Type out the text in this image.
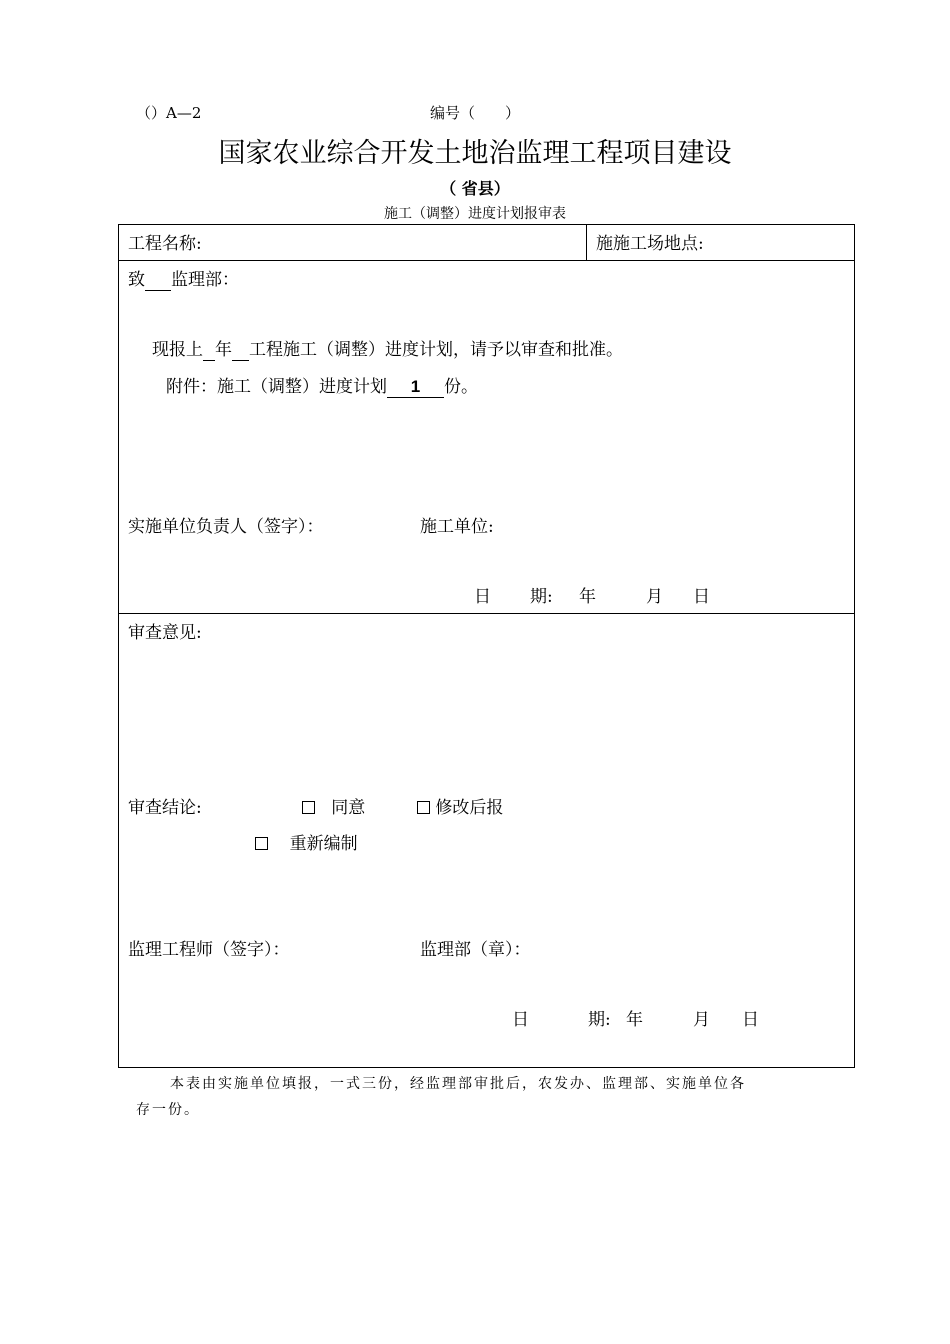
（）A—2	编号（　　）
国家农业综合开发土地治监理工程项目建设
（ 省县）
施工（调整）进度计划报审表
工程名称:	施施工场地点:
致 监理部：
现报上 年 工程施工（调整）进度计划，请予以审查和批准。
附件：施工（调整）进度计划 1 份。
实施单位负责人（签字）：	施工单位:
日 期: 年	月 日
审查意见:
审查结论:	同意	修改后报
重新编制
监理工程师（签字）：	监理部（章）：
日	期: 年	月 日
本表由实施单位填报，一式三份，经监理部审批后，农发办、监理部、实施单位各
存一份。
